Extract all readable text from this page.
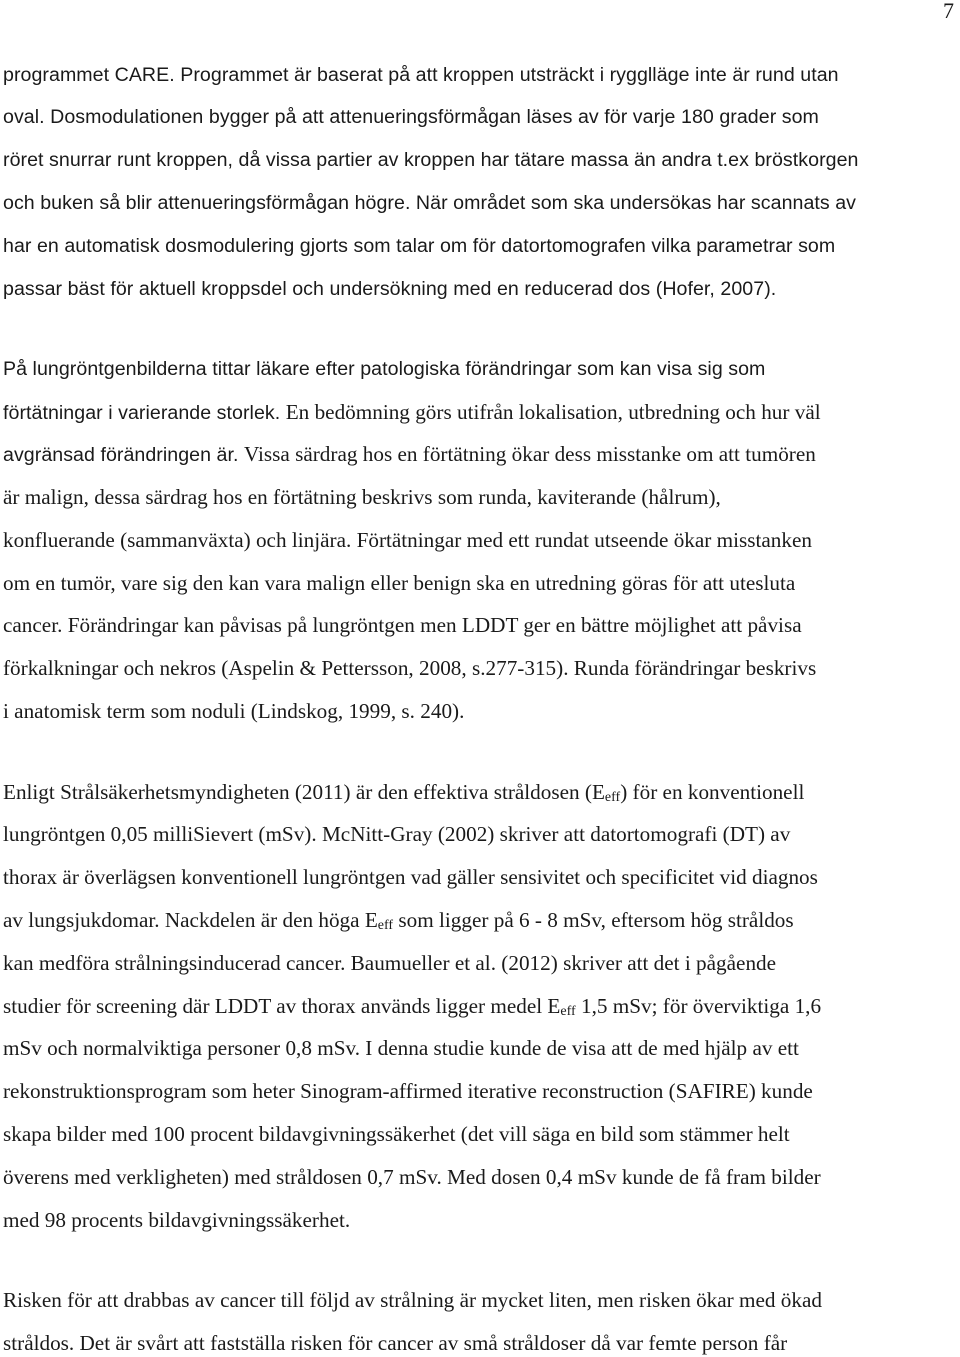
7
programmet CARE. Programmet är baserat på att kroppen utsträckt i rygglläge inte är rund utan
oval. Dosmodulationen bygger på att attenueringsförmågan läses av för varje 180 grader som
röret snurrar runt kroppen, då vissa partier av kroppen har tätare massa än andra t.ex bröstkorgen
och buken så blir attenueringsförmågan högre. När området som ska undersökas har scannats av
har en automatisk dosmodulering gjorts som talar om för datortomografen vilka parametrar som
passar bäst för aktuell kroppsdel och undersökning med en reducerad dos (Hofer, 2007).
På lungröntgenbilderna tittar läkare efter patologiska förändringar som kan visa sig som
förtätningar i varierande storlek. En bedömning görs utifrån lokalisation, utbredning och hur väl
avgränsad förändringen är. Vissa särdrag hos en förtätning ökar dess misstanke om att tumören
är malign, dessa särdrag hos en förtätning beskrivs som runda, kaviterande (hålrum),
konfluerande (sammanväxta) och linjära. Förtätningar med ett rundat utseende ökar misstanken
om en tumör, vare sig den kan vara malign eller benign ska en utredning göras för att utesluta
cancer. Förändringar kan påvisas på lungröntgen men LDDT ger en bättre möjlighet att påvisa
förkalkningar och nekros (Aspelin & Pettersson, 2008, s.277-315). Runda förändringar beskrivs
i anatomisk term som noduli (Lindskog, 1999, s. 240).
Enligt Strålsäkerhetsmyndigheten (2011) är den effektiva stråldosen (Eeff) för en konventionell
lungröntgen 0,05 milliSievert (mSv). McNitt-Gray (2002) skriver att datortomografi (DT) av
thorax är överlägsen konventionell lungröntgen vad gäller sensivitet och specificitet vid diagnos
av lungsjukdomar. Nackdelen är den höga Eeff som ligger på 6 - 8 mSv, eftersom hög stråldos
kan medföra strålningsinducerad cancer. Baumueller et al. (2012) skriver att det i pågående
studier för screening där LDDT av thorax används ligger medel Eeff 1,5 mSv; för överviktiga 1,6
mSv och normalviktiga personer 0,8 mSv. I denna studie kunde de visa att de med hjälp av ett
rekonstruktionsprogram som heter Sinogram-affirmed iterative reconstruction (SAFIRE) kunde
skapa bilder med 100 procent bildavgivningssäkerhet (det vill säga en bild som stämmer helt
överens med verkligheten) med stråldosen 0,7 mSv. Med dosen 0,4 mSv kunde de få fram bilder
med 98 procents bildavgivningssäkerhet.
Risken för att drabbas av cancer till följd av strålning är mycket liten, men risken ökar med ökad
stråldos. Det är svårt att fastställa risken för cancer av små stråldoser då var femte person får
